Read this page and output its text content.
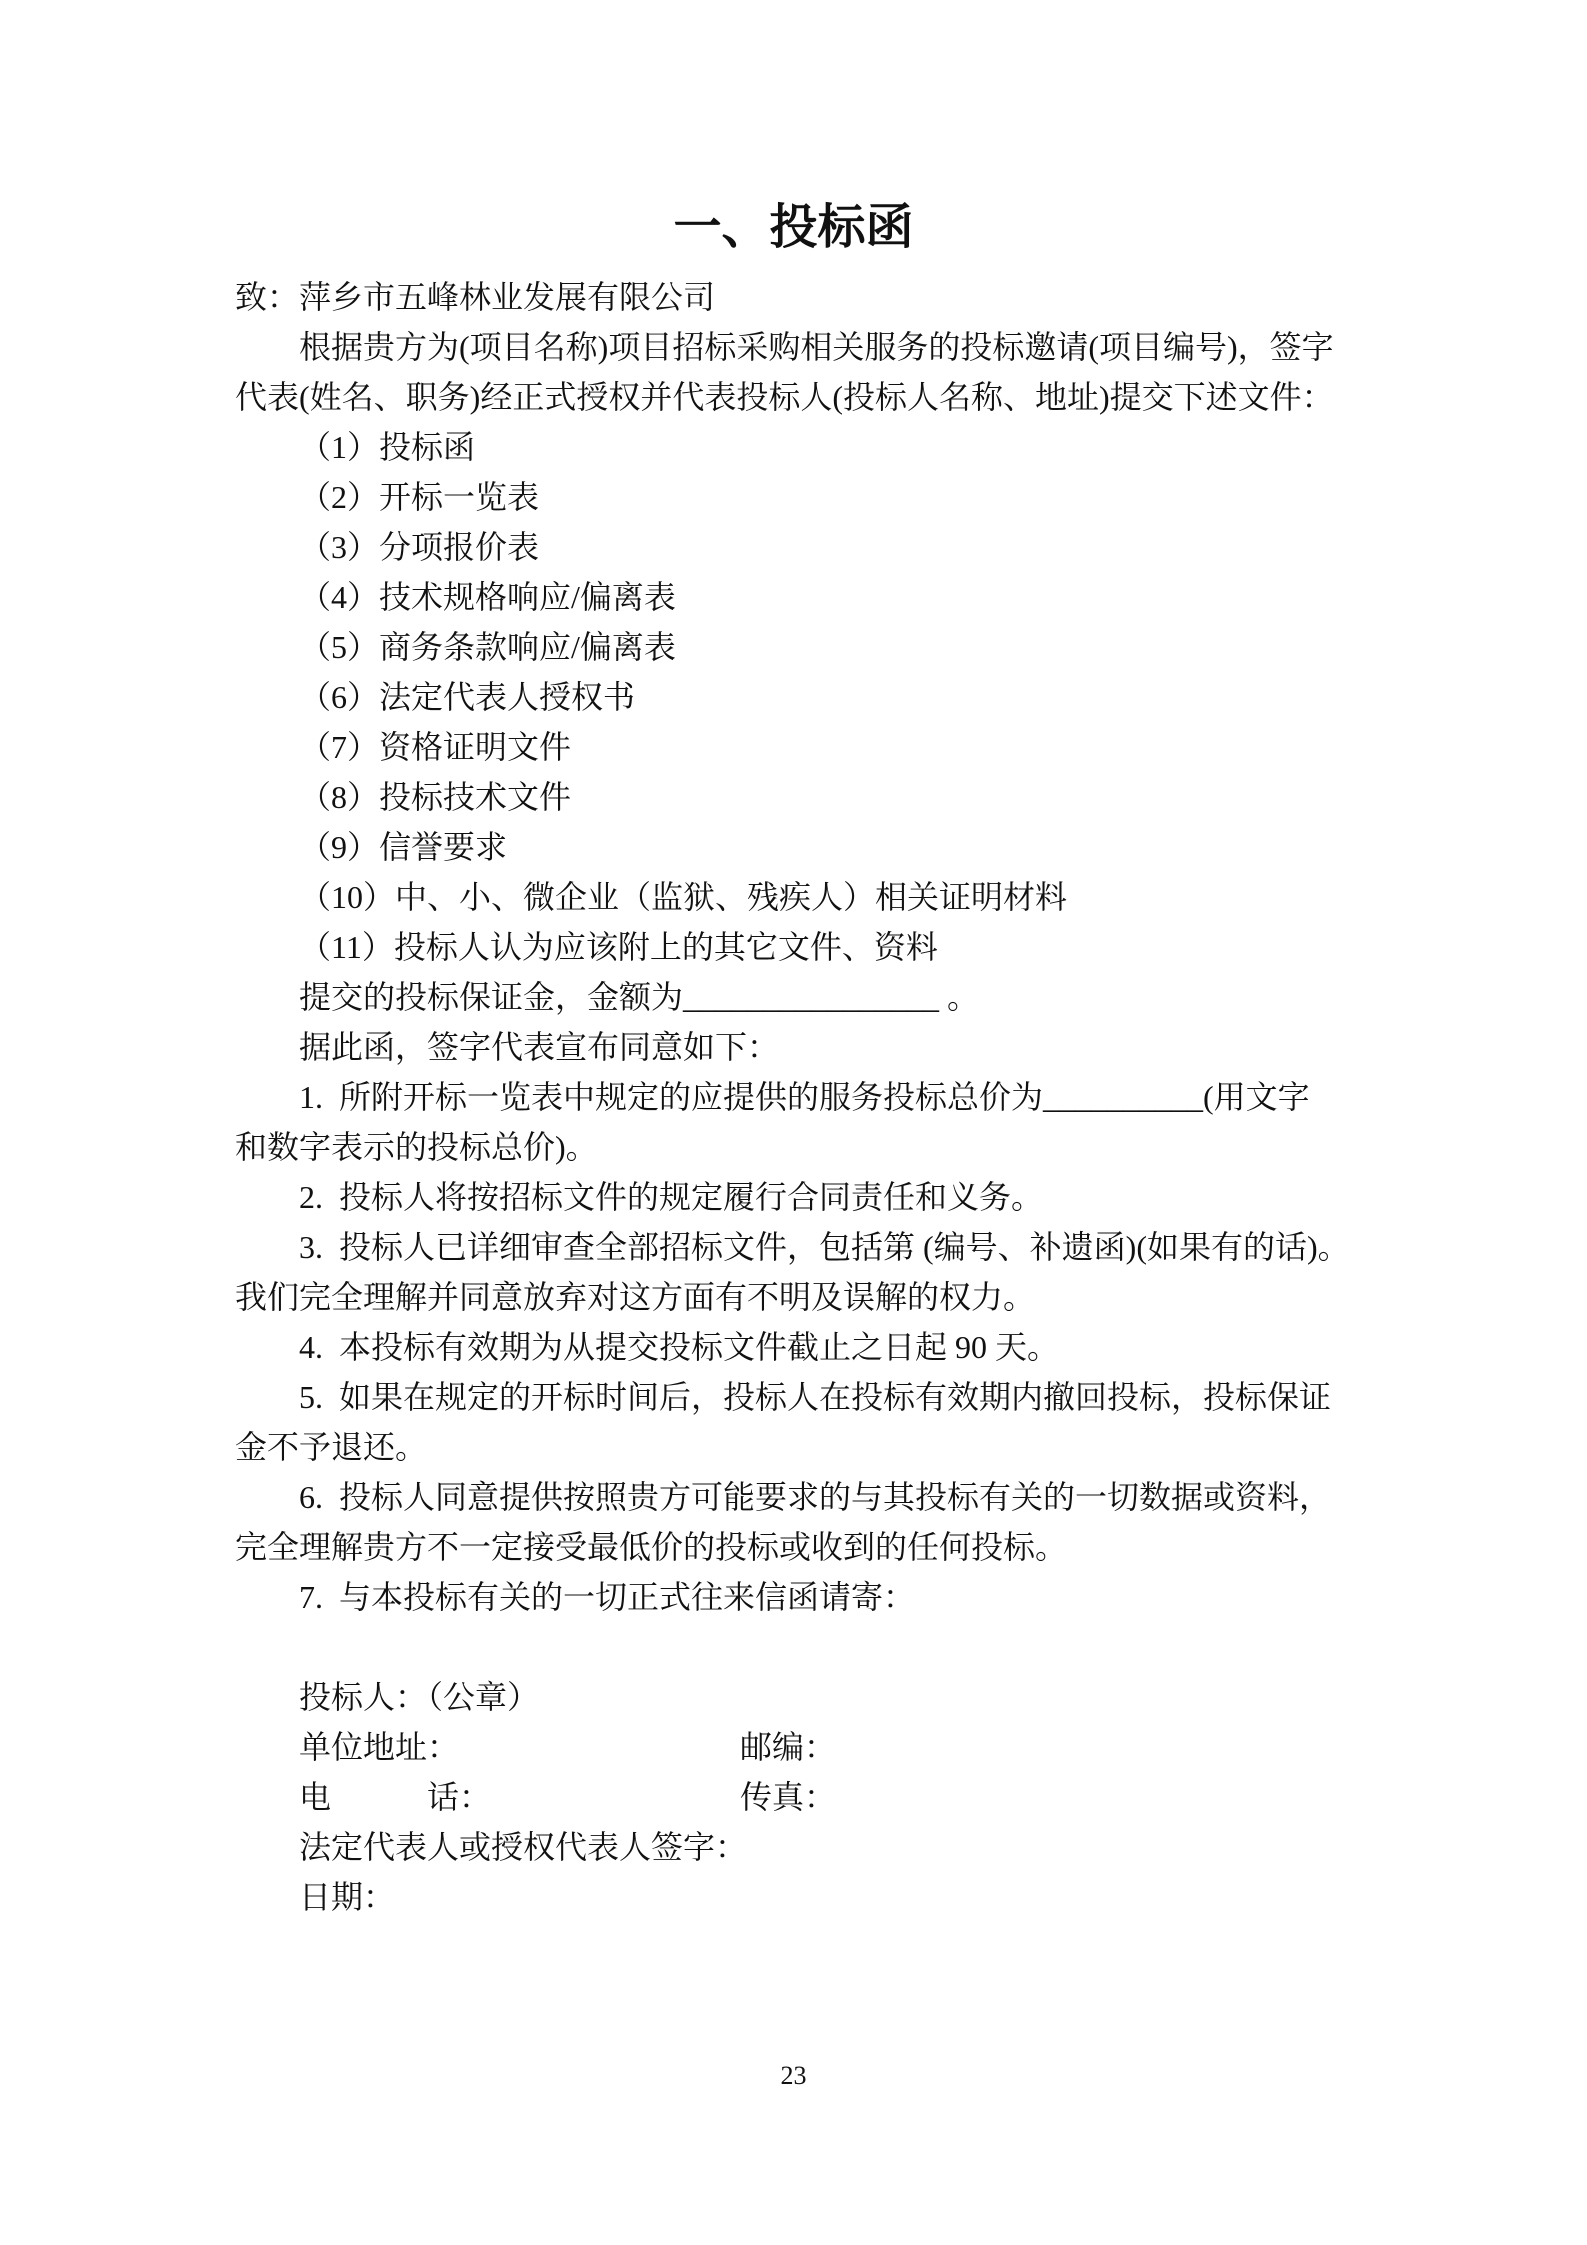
一、投标函
致：萍乡市五峰林业发展有限公司
根据贵方为(项目名称)项目招标采购相关服务的投标邀请(项目编号)，签字
代表(姓名、职务)经正式授权并代表投标人(投标人名称、地址)提交下述文件：
（1）投标函
（2）开标一览表
（3）分项报价表
（4）技术规格响应/偏离表
（5）商务条款响应/偏离表
（6）法定代表人授权书
（7）资格证明文件
（8）投标技术文件
（9）信誉要求
（10）中、小、微企业（监狱、残疾人）相关证明材料
（11）投标人认为应该附上的其它文件、资料
提交的投标保证金，金额为________________ 。
据此函，签字代表宣布同意如下：
1.  所附开标一览表中规定的应提供的服务投标总价为__________(用文字
和数字表示的投标总价)。
2.  投标人将按招标文件的规定履行合同责任和义务。
3.  投标人已详细审查全部招标文件，包括第 (编号、补遗函)(如果有的话)。
我们完全理解并同意放弃对这方面有不明及误解的权力。
4.  本投标有效期为从提交投标文件截止之日起 90 天。
5.  如果在规定的开标时间后，投标人在投标有效期内撤回投标，投标保证
金不予退还。
6.  投标人同意提供按照贵方可能要求的与其投标有关的一切数据或资料，
完全理解贵方不一定接受最低价的投标或收到的任何投标。
7.  与本投标有关的一切正式往来信函请寄：

投标人：（公章）
单位地址：	邮编：
电　　　话：	传真：
法定代表人或授权代表人签字：
日期：
23
